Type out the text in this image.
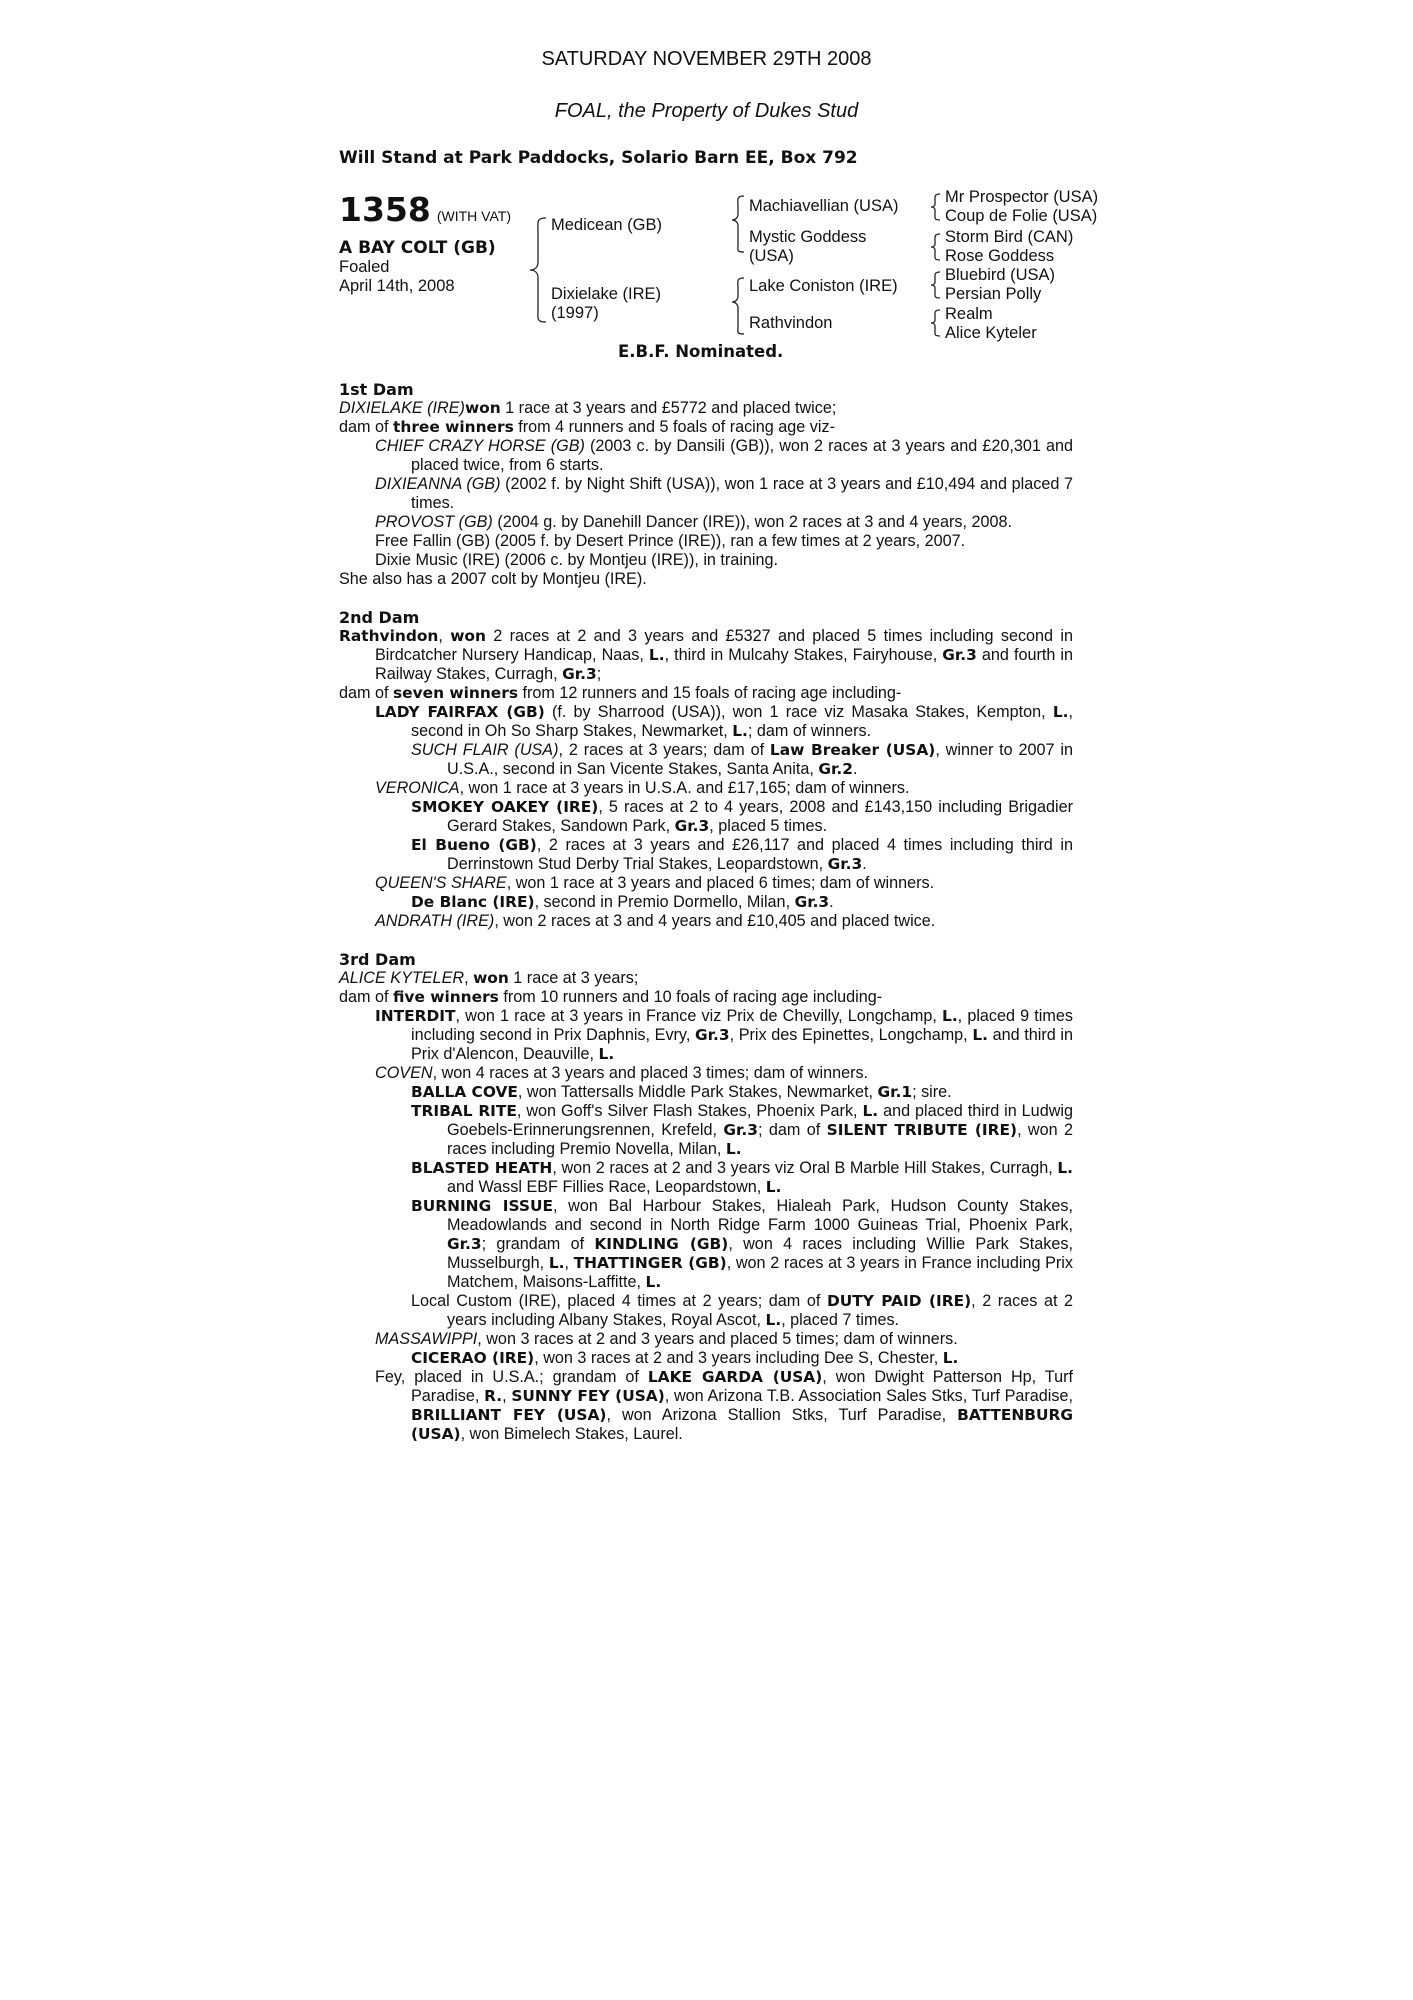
SATURDAY NOVEMBER 29TH 2008
FOAL, the Property of Dukes Stud
Will Stand at Park Paddocks, Solario Barn EE, Box 792
1358 (WITH VAT)
A BAY COLT (GB)
Foaled
April 14th, 2008
Medicean (GB)
Dixielake (IRE)
(1997)
Machiavellian (USA)
Mystic Goddess
(USA)
Lake Coniston (IRE)
Rathvindon
Mr Prospector (USA)
Coup de Folie (USA)
Storm Bird (CAN)
Rose Goddess
Bluebird (USA)
Persian Polly
Realm
Alice Kyteler
E.B.F. Nominated.

1st Dam

DIXIELAKE (IRE)won 1 race at 3 years and £5772 and placed twice;

dam of three winners from 4 runners and 5 foals of racing age viz-

CHIEF CRAZY HORSE (GB) (2003 c. by Dansili (GB)), won 2 races at 3 years and £20,301 and placed twice, from 6 starts.

DIXIEANNA (GB) (2002 f. by Night Shift (USA)), won 1 race at 3 years and £10,494 and placed 7 times.

PROVOST (GB) (2004 g. by Danehill Dancer (IRE)), won 2 races at 3 and 4 years, 2008.

Free Fallin (GB) (2005 f. by Desert Prince (IRE)), ran a few times at 2 years, 2007.

Dixie Music (IRE) (2006 c. by Montjeu (IRE)), in training.

She also has a 2007 colt by Montjeu (IRE).

2nd Dam

Rathvindon, won 2 races at 2 and 3 years and £5327 and placed 5 times including second in Birdcatcher Nursery Handicap, Naas, L., third in Mulcahy Stakes, Fairyhouse, Gr.3 and fourth in Railway Stakes, Curragh, Gr.3;

dam of seven winners from 12 runners and 15 foals of racing age including-

LADY FAIRFAX (GB) (f. by Sharrood (USA)), won 1 race viz Masaka Stakes, Kempton, L., second in Oh So Sharp Stakes, Newmarket, L.; dam of winners.

SUCH FLAIR (USA), 2 races at 3 years; dam of Law Breaker (USA), winner to 2007 in U.S.A., second in San Vicente Stakes, Santa Anita, Gr.2.

VERONICA, won 1 race at 3 years in U.S.A. and £17,165; dam of winners.

SMOKEY OAKEY (IRE), 5 races at 2 to 4 years, 2008 and £143,150 including Brigadier Gerard Stakes, Sandown Park, Gr.3, placed 5 times.

El Bueno (GB), 2 races at 3 years and £26,117 and placed 4 times including third in Derrinstown Stud Derby Trial Stakes, Leopardstown, Gr.3.

QUEEN'S SHARE, won 1 race at 3 years and placed 6 times; dam of winners.

De Blanc (IRE), second in Premio Dormello, Milan, Gr.3.

ANDRATH (IRE), won 2 races at 3 and 4 years and £10,405 and placed twice.

3rd Dam

ALICE KYTELER, won 1 race at 3 years;

dam of five winners from 10 runners and 10 foals of racing age including-

INTERDIT, won 1 race at 3 years in France viz Prix de Chevilly, Longchamp, L., placed 9 times including second in Prix Daphnis, Evry, Gr.3, Prix des Epinettes, Longchamp, L. and third in Prix d'Alencon, Deauville, L.

COVEN, won 4 races at 3 years and placed 3 times; dam of winners.

BALLA COVE, won Tattersalls Middle Park Stakes, Newmarket, Gr.1; sire.

TRIBAL RITE, won Goff's Silver Flash Stakes, Phoenix Park, L. and placed third in Ludwig Goebels-Erinnerungsrennen, Krefeld, Gr.3; dam of SILENT TRIBUTE (IRE), won 2 races including Premio Novella, Milan, L.

BLASTED HEATH, won 2 races at 2 and 3 years viz Oral B Marble Hill Stakes, Curragh, L. and Wassl EBF Fillies Race, Leopardstown, L.

BURNING ISSUE, won Bal Harbour Stakes, Hialeah Park, Hudson County Stakes, Meadowlands and second in North Ridge Farm 1000 Guineas Trial, Phoenix Park, Gr.3; grandam of KINDLING (GB), won 4 races including Willie Park Stakes, Musselburgh, L., THATTINGER (GB), won 2 races at 3 years in France including Prix Matchem, Maisons-Laffitte, L.

Local Custom (IRE), placed 4 times at 2 years; dam of DUTY PAID (IRE), 2 races at 2 years including Albany Stakes, Royal Ascot, L., placed 7 times.

MASSAWIPPI, won 3 races at 2 and 3 years and placed 5 times; dam of winners.

CICERAO (IRE), won 3 races at 2 and 3 years including Dee S, Chester, L.

Fey, placed in U.S.A.; grandam of LAKE GARDA (USA), won Dwight Patterson Hp, Turf Paradise, R., SUNNY FEY (USA), won Arizona T.B. Association Sales Stks, Turf Paradise, BRILLIANT FEY (USA), won Arizona Stallion Stks, Turf Paradise, BATTENBURG (USA), won Bimelech Stakes, Laurel.
